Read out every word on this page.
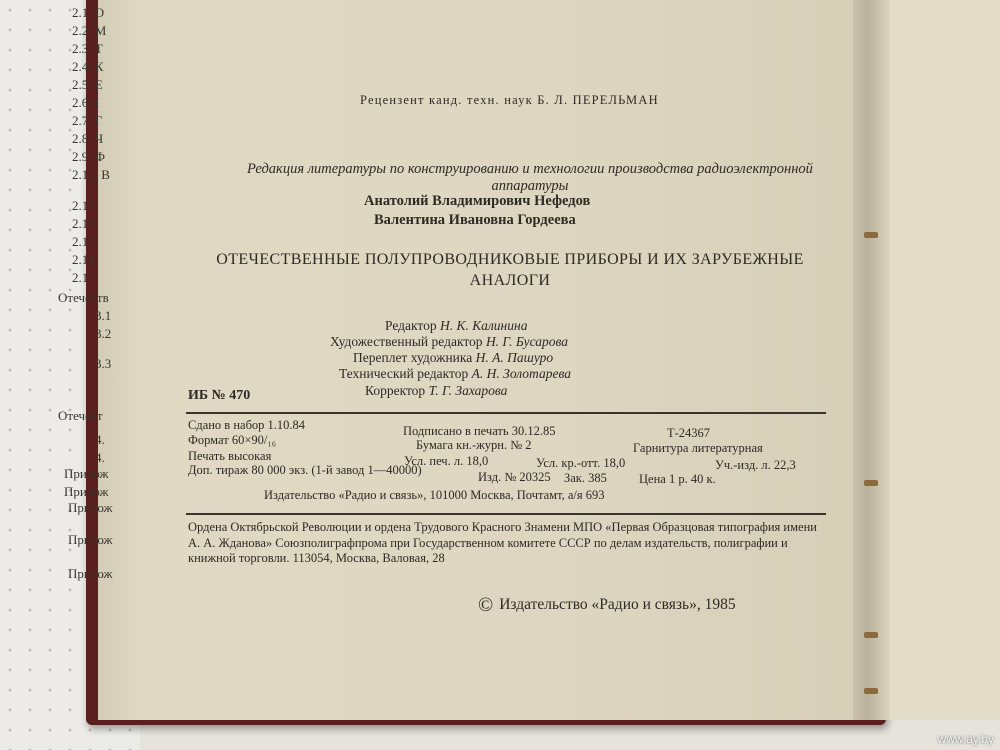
2.1. О
2.2. М
2.3. Т
2.4. К
2.5. Е
2.6. I
2.7. Г
2.8. Ч
2.9. Ф
2.10. В
2.11.
2.12.
2.13.
2.14.
2.15.
Отечеств
3.1
3.2
3.3
Отечест
4.
4.
Прилож
Прилож
Прилож
Прилож
Прилож
Рецензент канд. техн. наук Б. Л. ПЕРЕЛЬМАН
Редакция литературы по конструированию и технологии производства радиоэлектронной аппаратуры
Анатолий Владимирович Нефедов
Валентина Ивановна Гордеева
ОТЕЧЕСТВЕННЫЕ ПОЛУПРОВОДНИКОВЫЕ ПРИБОРЫ И ИХ ЗАРУБЕЖНЫЕ АНАЛОГИ
Редактор Н. К. Калинина
Художественный редактор Н. Г. Бусарова
Переплет художника Н. А. Пашуро
Технический редактор А. Н. Золотарева
Корректор Т. Г. Захарова
ИБ № 470
Сдано в набор 1.10.84	Подписано в печать 30.12.85	Т-24367
Формат 60×90/₁₆	Бумага кн.-журн. № 2	Гарнитура литературная
Печать высокая	Усл. печ. л. 18,0	Усл. кр.-отт. 18,0	Уч.-изд. л. 22,3
Доп. тираж 80 000 экз. (1-й завод 1—40000)	Изд. № 20325 Зак. 385	Цена 1 р. 40 к.
Издательство «Радио и связь», 101000 Москва, Почтамт, а/я 693
Ордена Октябрьской Революции и ордена Трудового Красного Знамени МПО «Первая Образцовая типография имени А. А. Жданова» Союзполиграфпрома при Государственном комитете СССР по делам издательств, полиграфии и книжной торговли. 113054, Москва, Валовая, 28
© Издательство «Радио и связь», 1985
www.ay.by
